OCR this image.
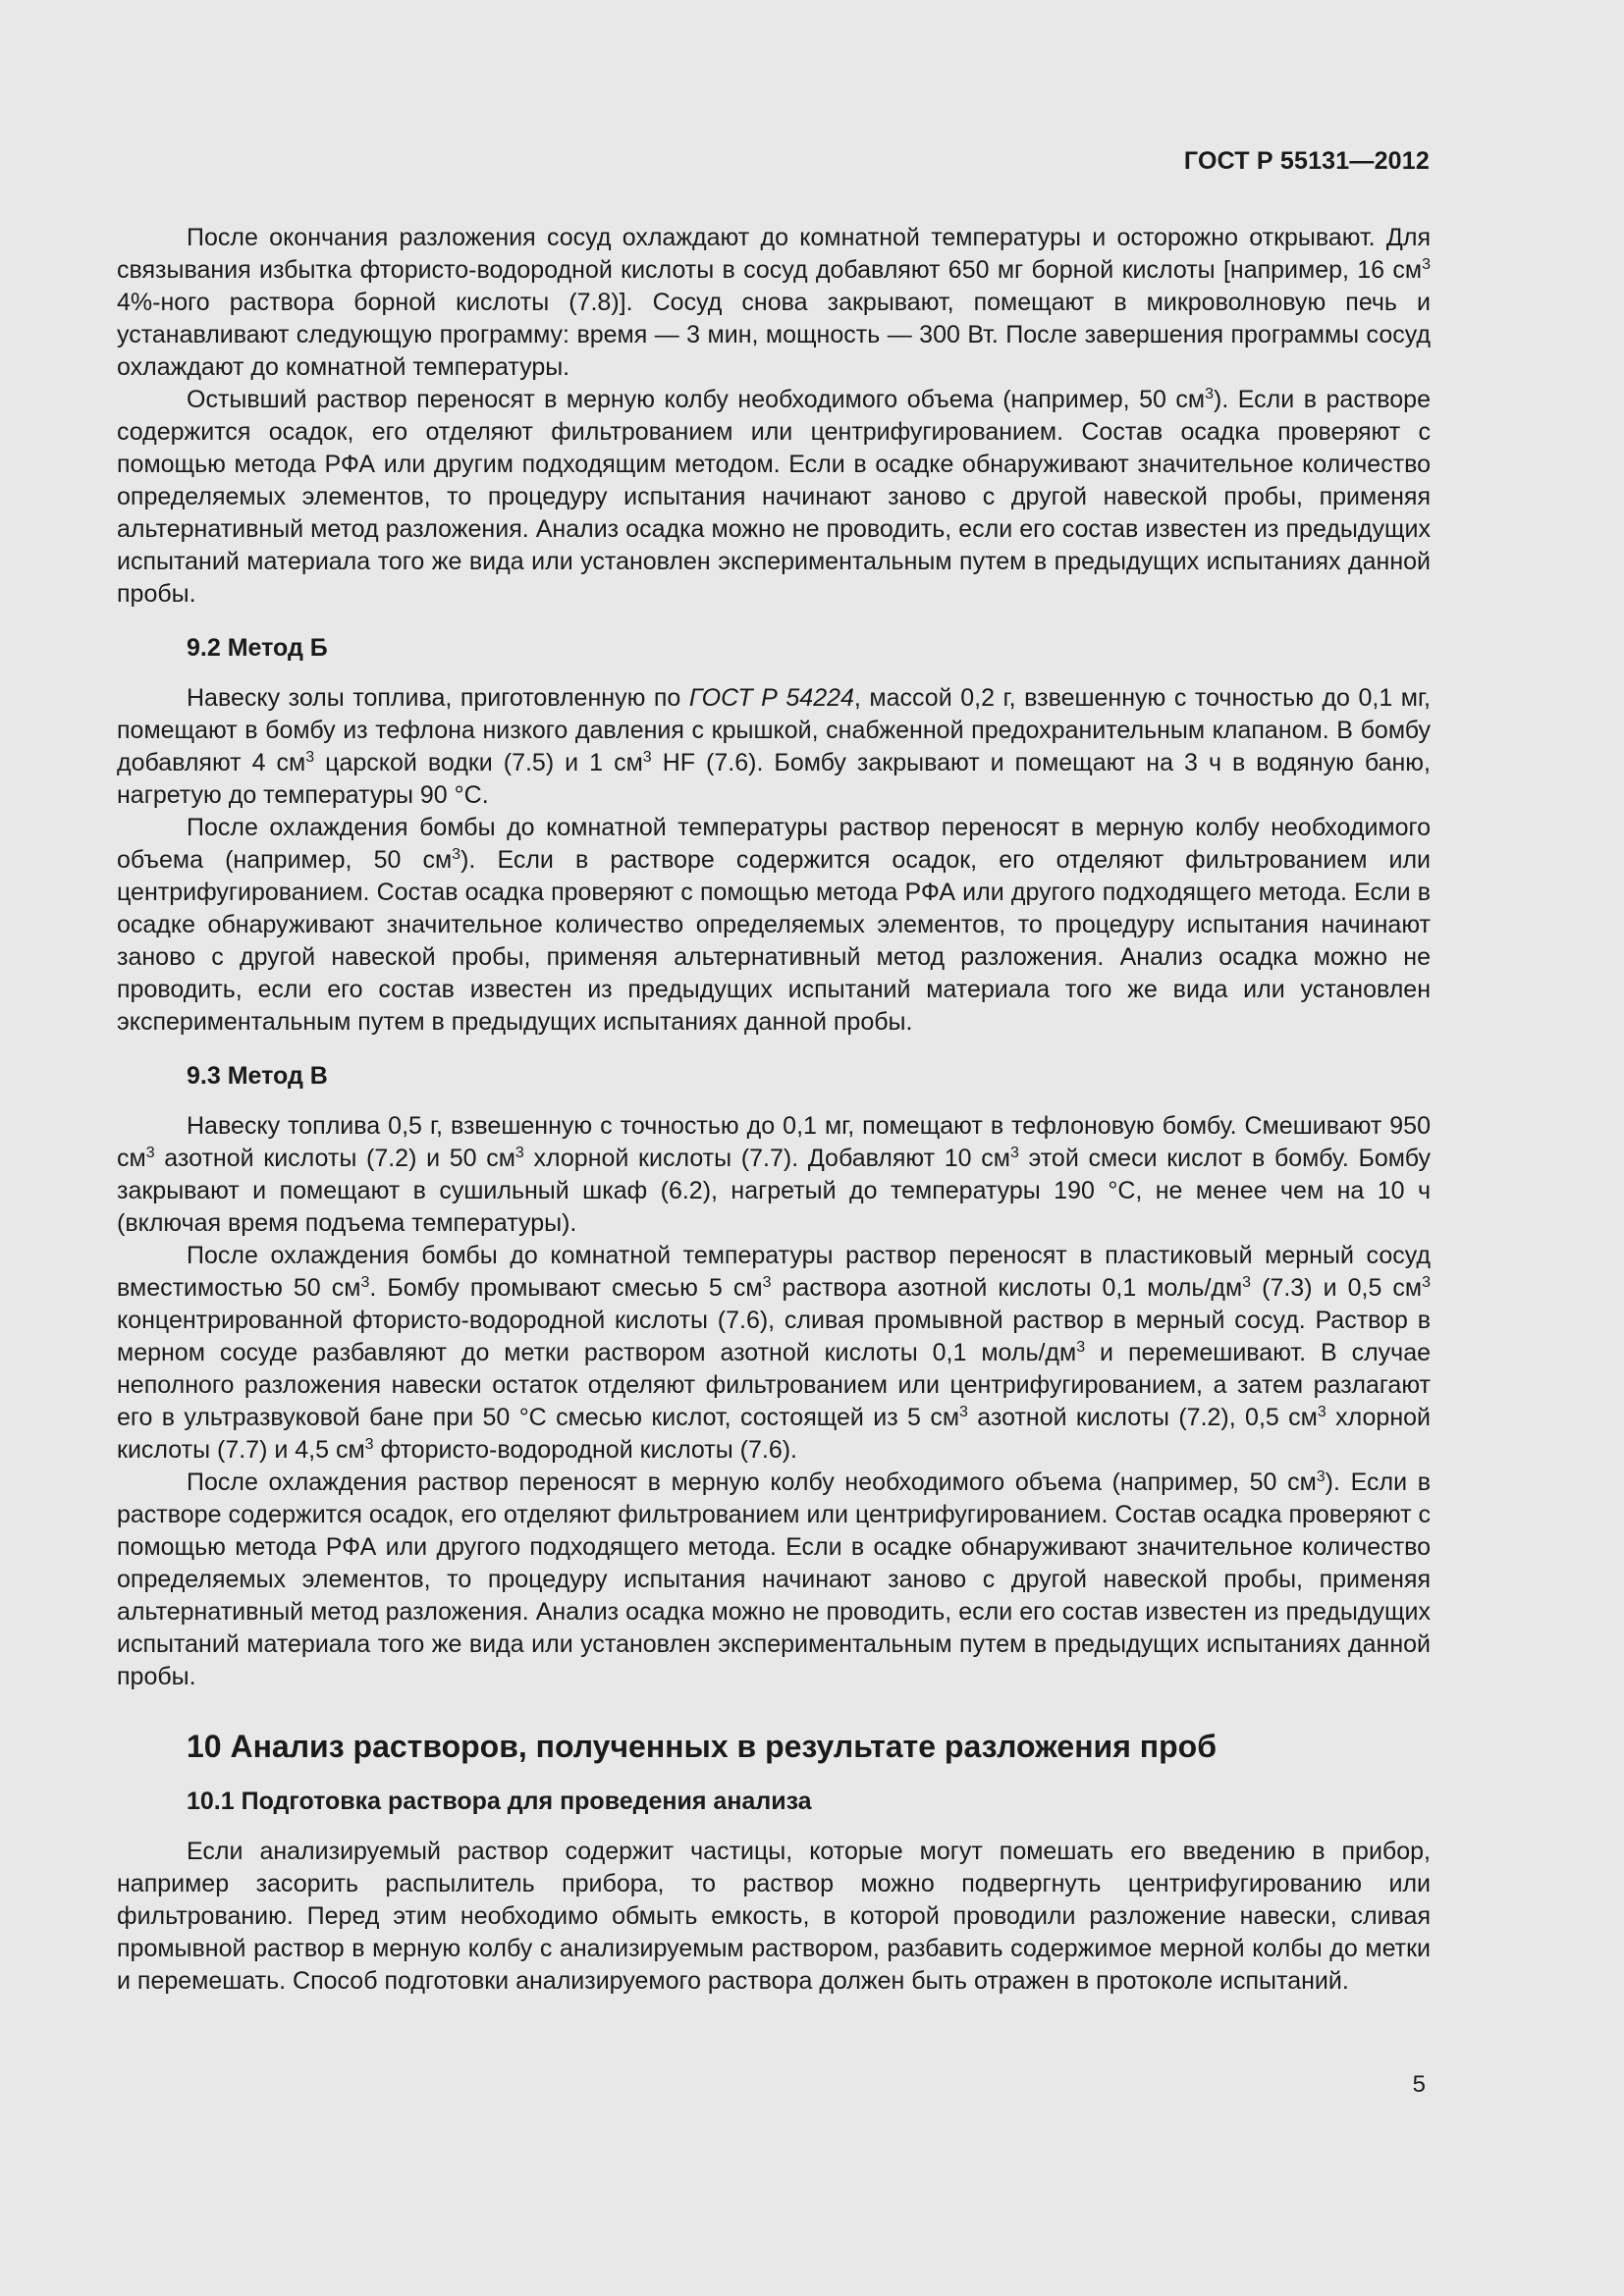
ГОСТ Р 55131—2012

После окончания разложения сосуд охлаждают до комнатной температуры и осторожно открывают. Для связывания избытка фтористо-водородной кислоты в сосуд добавляют 650 мг борной кислоты [например, 16 $см^3$ 4%-ного раствора борной кислоты (7.8)]. Сосуд снова закрывают, помещают в микроволновую печь и устанавливают следующую программу: время — 3 мин, мощность — 300 Вт. После завершения программы сосуд охлаждают до комнатной температуры.

Остывший раствор переносят в мерную колбу необходимого объема (например, 50 $см^3$). Если в растворе содержится осадок, его отделяют фильтрованием или центрифугированием. Состав осадка проверяют с помощью метода РФА или другим подходящим методом. Если в осадке обнаруживают значительное количество определяемых элементов, то процедуру испытания начинают заново с другой навеской пробы, применяя альтернативный метод разложения. Анализ осадка можно не проводить, если его состав известен из предыдущих испытаний материала того же вида или установлен экспериментальным путем в предыдущих испытаниях данной пробы.

9.2 Метод Б

Навеску золы топлива, приготовленную по ГОСТ Р 54224, массой 0,2 г, взвешенную с точностью до 0,1 мг, помещают в бомбу из тефлона низкого давления с крышкой, снабженной предохранительным клапаном. В бомбу добавляют 4 $см^3$ царской водки (7.5) и 1 $см^3$ HF (7.6). Бомбу закрывают и помещают на 3 ч в водяную баню, нагретую до температуры 90 °С.

После охлаждения бомбы до комнатной температуры раствор переносят в мерную колбу необходимого объема (например, 50 $см^3$). Если в растворе содержится осадок, его отделяют фильтрованием или центрифугированием. Состав осадка проверяют с помощью метода РФА или другого подходящего метода. Если в осадке обнаруживают значительное количество определяемых элементов, то процедуру испытания начинают заново с другой навеской пробы, применяя альтернативный метод разложения. Анализ осадка можно не проводить, если его состав известен из предыдущих испытаний материала того же вида или установлен экспериментальным путем в предыдущих испытаниях данной пробы.

9.3 Метод В

Навеску топлива 0,5 г, взвешенную с точностью до 0,1 мг, помещают в тефлоновую бомбу. Смешивают 950 $см^3$ азотной кислоты (7.2) и 50 $см^3$ хлорной кислоты (7.7). Добавляют 10 $см^3$ этой смеси кислот в бомбу. Бомбу закрывают и помещают в сушильный шкаф (6.2), нагретый до температуры 190 °С, не менее чем на 10 ч (включая время подъема температуры).

После охлаждения бомбы до комнатной температуры раствор переносят в пластиковый мерный сосуд вместимостью 50 $см^3$. Бомбу промывают смесью 5 $см^3$ раствора азотной кислоты 0,1 моль/$дм^3$ (7.3) и 0,5 $см^3$ концентрированной фтористо-водородной кислоты (7.6), сливая промывной раствор в мерный сосуд. Раствор в мерном сосуде разбавляют до метки раствором азотной кислоты 0,1 моль/$дм^3$ и перемешивают. В случае неполного разложения навески остаток отделяют фильтрованием или центрифугированием, а затем разлагают его в ультразвуковой бане при 50 °С смесью кислот, состоящей из 5 $см^3$ азотной кислоты (7.2), 0,5 $см^3$ хлорной кислоты (7.7) и 4,5 $см^3$ фтористо-водородной кислоты (7.6).

После охлаждения раствор переносят в мерную колбу необходимого объема (например, 50 $см^3$). Если в растворе содержится осадок, его отделяют фильтрованием или центрифугированием. Состав осадка проверяют с помощью метода РФА или другого подходящего метода. Если в осадке обнаруживают значительное количество определяемых элементов, то процедуру испытания начинают заново с другой навеской пробы, применяя альтернативный метод разложения. Анализ осадка можно не проводить, если его состав известен из предыдущих испытаний материала того же вида или установлен экспериментальным путем в предыдущих испытаниях данной пробы.

10 Анализ растворов, полученных в результате разложения проб
10.1 Подготовка раствора для проведения анализа

Если анализируемый раствор содержит частицы, которые могут помешать его введению в прибор, например засорить распылитель прибора, то раствор можно подвергнуть центрифугированию или фильтрованию. Перед этим необходимо обмыть емкость, в которой проводили разложение навески, сливая промывной раствор в мерную колбу с анализируемым раствором, разбавить содержимое мерной колбы до метки и перемешать. Способ подготовки анализируемого раствора должен быть отражен в протоколе испытаний.

5
